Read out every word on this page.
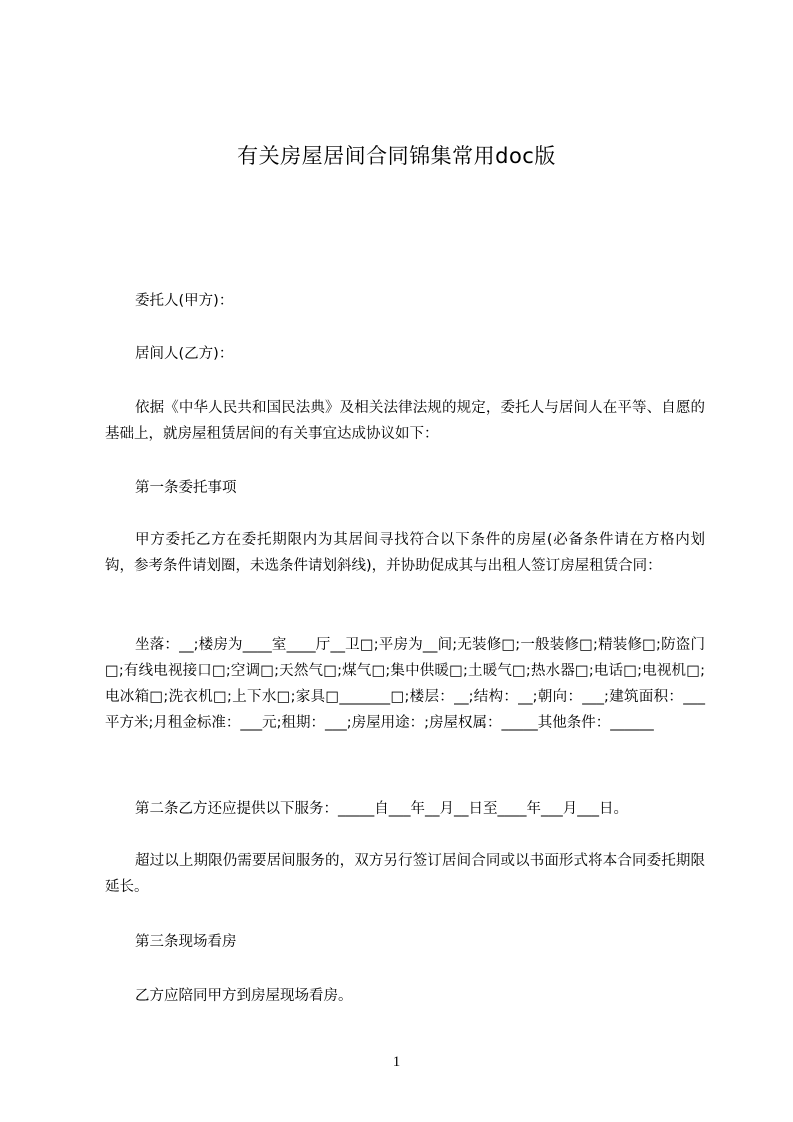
有关房屋居间合同锦集常用doc版

委托人(甲方)：

居间人(乙方)：

依据《中华人民共和国民法典》及相关法律法规的规定，委托人与居间人在平等、自愿的基础上，就房屋租赁居间的有关事宜达成协议如下：

第一条委托事项

甲方委托乙方在委托期限内为其居间寻找符合以下条件的房屋(必备条件请在方格内划钩，参考条件请划圈，未选条件请划斜线)，并协助促成其与出租人签订房屋租赁合同：

坐落：__;楼房为____室____厅__卫□;平房为__间;无装修□;一般装修□;精装修□;防盗门□;有线电视接口□;空调□;天然气□;煤气□;集中供暖□;土暖气□;热水器□;电话□;电视机□;电冰箱□;洗衣机□;上下水□;家具□_______□;楼层：__;结构：__;朝向：___;建筑面积：___平方米;月租金标准：___元;租期：___;房屋用途：;房屋权属：_____其他条件：______

第二条乙方还应提供以下服务：_____自___年__月__日至____年___月___日。

超过以上期限仍需要居间服务的，双方另行签订居间合同或以书面形式将本合同委托期限延长。

第三条现场看房

乙方应陪同甲方到房屋现场看房。

1
